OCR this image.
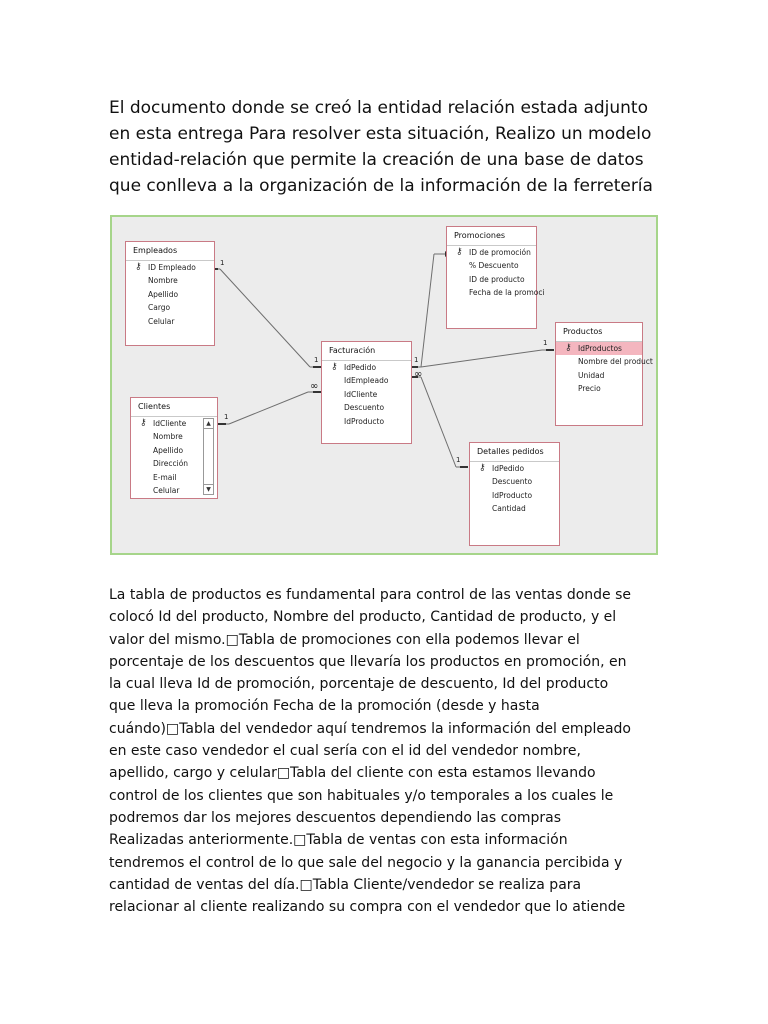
El documento donde se creó la entidad relación estada adjunto
en esta entrega Para resolver esta situación, Realizo un modelo
entidad-relación que permite la creación de una base de datos
que conlleva a la organización de la información de la ferretería

1
1
1
∞
1
1
∞
1
Empleados
⚷ ID Empleado
Nombre
Apellido
Cargo
Celular
Clientes
⚷ IdCliente
Nombre
Apellido
Dirección
E-mail
Celular
▲
▼
Facturación
⚷ IdPedido
IdEmpleado
IdCliente
Descuento
IdProducto
Promociones
⚷ ID de promoción
% Descuento
ID de producto
Fecha de la promoci
Productos
⚷ IdProductos
Nombre del product
Unidad
Precio
Detalles pedidos
⚷ IdPedido
Descuento
IdProducto
Cantidad

La tabla de productos es fundamental para control de las ventas donde se
colocó Id del producto, Nombre del producto, Cantidad de producto, y el
valor del mismo.□Tabla de promociones con ella podemos llevar el
porcentaje de los descuentos que llevaría los productos en promoción, en
la cual lleva Id de promoción, porcentaje de descuento, Id del producto
que lleva la promoción Fecha de la promoción (desde y hasta
cuándo)□Tabla del vendedor aquí tendremos la información del empleado
en este caso vendedor el cual sería con el id del vendedor nombre,
apellido, cargo y celular□Tabla del cliente con esta estamos llevando
control de los clientes que son habituales y/o temporales a los cuales le
podremos dar los mejores descuentos dependiendo las compras
Realizadas anteriormente.□Tabla de ventas con esta información
tendremos el control de lo que sale del negocio y la ganancia percibida y
cantidad de ventas del día.□Tabla Cliente/vendedor se realiza para
relacionar al cliente realizando su compra con el vendedor que lo atiende
